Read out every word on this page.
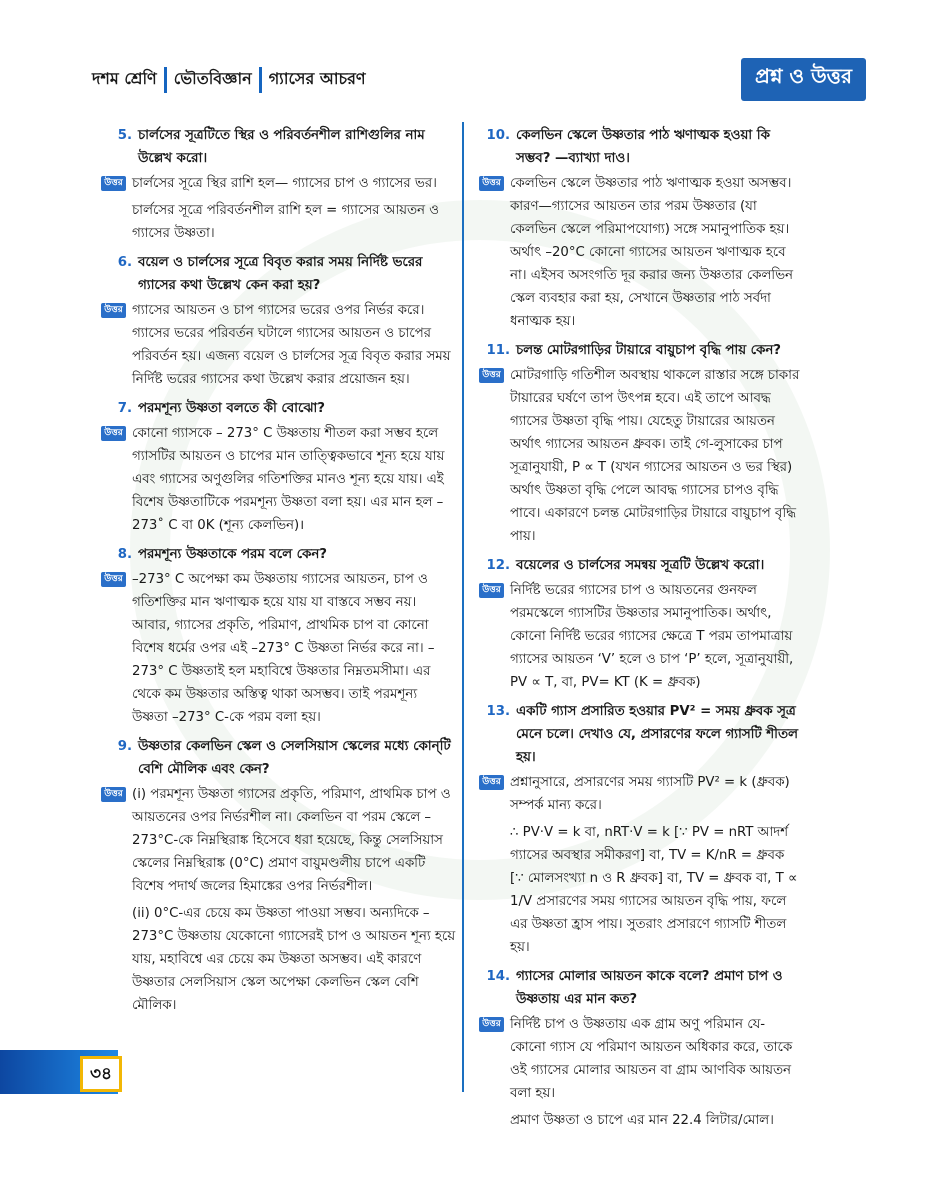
দশম শ্রেণি ভৌতবিজ্ঞান গ্যাসের আচরণ	প্রশ্ন ও উত্তর
5. চার্লসের সূত্রটিতে স্থির ও পরিবর্তনশীল রাশিগুলির নাম উল্লেখ করো।
উত্তর চার্লসের সূত্রে স্থির রাশি হল— গ্যাসের চাপ ও গ্যাসের ভর।
চার্লসের সূত্রে পরিবর্তনশীল রাশি হল = গ্যাসের আয়তন ও গ্যাসের উষ্ণতা।
6. বয়েল ও চার্লসের সূত্রে বিবৃত করার সময় নির্দিষ্ট ভরের গ্যাসের কথা উল্লেখ কেন করা হয়?
উত্তর গ্যাসের আয়তন ও চাপ গ্যাসের ভরের ওপর নির্ভর করে। গ্যাসের ভরের পরিবর্তন ঘটালে গ্যাসের আয়তন ও চাপের পরিবর্তন হয়। এজন্য বয়েল ও চার্লসের সূত্র বিবৃত করার সময় নির্দিষ্ট ভরের গ্যাসের কথা উল্লেখ করার প্রয়োজন হয়।
7. পরমশূন্য উষ্ণতা বলতে কী বোঝো?
উত্তর কোনো গ্যাসকে – 273° C উষ্ণতায় শীতল করা সম্ভব হলে গ্যাসটির আয়তন ও চাপের মান তাত্ত্বিকভাবে শূন্য হয়ে যায় এবং গ্যাসের অণুগুলির গতিশক্তির মানও শূন্য হয়ে যায়। এই বিশেষ উষ্ণতাটিকে পরমশূন্য উষ্ণতা বলা হয়। এর মান হল – 273˚ C বা 0K (শূন্য কেলভিন)।
8. পরমশূন্য উষ্ণতাকে পরম বলে কেন?
উত্তর –273° C অপেক্ষা কম উষ্ণতায় গ্যাসের আয়তন, চাপ ও গতিশক্তির মান ঋণাত্মক হয়ে যায় যা বাস্তবে সম্ভব নয়। আবার, গ্যাসের প্রকৃতি, পরিমাণ, প্রাথমিক চাপ বা কোনো বিশেষ ধর্মের ওপর এই –273° C উষ্ণতা নির্ভর করে না। –273° C উষ্ণতাই হল মহাবিশ্বে উষ্ণতার নিম্নতমসীমা। এর থেকে কম উষ্ণতার অস্তিত্ব থাকা অসম্ভব। তাই পরমশূন্য উষ্ণতা –273° C-কে পরম বলা হয়।
9. উষ্ণতার কেলভিন স্কেল ও সেলসিয়াস স্কেলের মধ্যে কোন্‌টি বেশি মৌলিক এবং কেন?
উত্তর (i) পরমশূন্য উষ্ণতা গ্যাসের প্রকৃতি, পরিমাণ, প্রাথমিক চাপ ও আয়তনের ওপর নির্ভরশীল না। কেলভিন বা পরম স্কেলে –273°C-কে নিম্নস্থিরাঙ্ক হিসেবে ধরা হয়েছে, কিন্তু সেলসিয়াস স্কেলের নিম্নস্থিরাঙ্ক (0°C) প্রমাণ বায়ুমণ্ডলীয় চাপে একটি বিশেষ পদার্থ জলের হিমাঙ্কের ওপর নির্ভরশীল।
(ii) 0°C-এর চেয়ে কম উষ্ণতা পাওয়া সম্ভব। অন্যদিকে –273°C উষ্ণতায় যেকোনো গ্যাসেরই চাপ ও আয়তন শূন্য হয়ে যায়, মহাবিশ্বে এর চেয়ে কম উষ্ণতা অসম্ভব। এই কারণে উষ্ণতার সেলসিয়াস স্কেল অপেক্ষা কেলভিন স্কেল বেশি মৌলিক।
10. কেলভিন স্কেলে উষ্ণতার পাঠ ঋণাত্মক হওয়া কি সম্ভব? —ব্যাখ্যা দাও।
উত্তর কেলভিন স্কেলে উষ্ণতার পাঠ ঋণাত্মক হওয়া অসম্ভব। কারণ—গ্যাসের আয়তন তার পরম উষ্ণতার (যা কেলভিন স্কেলে পরিমাপযোগ্য) সঙ্গে সমানুপাতিক হয়। অর্থাৎ –20°C কোনো গ্যাসের আয়তন ঋণাত্মক হবে না। এইসব অসংগতি দূর করার জন্য উষ্ণতার কেলভিন স্কেল ব্যবহার করা হয়, সেখানে উষ্ণতার পাঠ সর্বদা ধনাত্মক হয়।
11. চলন্ত মোটরগাড়ির টায়ারে বায়ুচাপ বৃদ্ধি পায় কেন?
উত্তর মোটরগাড়ি গতিশীল অবস্থায় থাকলে রাস্তার সঙ্গে চাকার টায়ারের ঘর্ষণে তাপ উৎপন্ন হবে। এই তাপে আবদ্ধ গ্যাসের উষ্ণতা বৃদ্ধি পায়। যেহেতু টায়ারের আয়তন অর্থাৎ গ্যাসের আয়তন ধ্রুবক। তাই গে-লুসাকের চাপ সূত্রানুযায়ী, P ∝ T (যখন গ্যাসের আয়তন ও ভর স্থির) অর্থাৎ উষ্ণতা বৃদ্ধি পেলে আবদ্ধ গ্যাসের চাপও বৃদ্ধি পাবে। একারণে চলন্ত মোটরগাড়ির টায়ারে বায়ুচাপ বৃদ্ধি পায়।
12. বয়েলের ও চার্লসের সমন্বয় সূত্রটি উল্লেখ করো।
উত্তর নির্দিষ্ট ভরের গ্যাসের চাপ ও আয়তনের গুনফল পরমস্কেলে গ্যাসটির উষ্ণতার সমানুপাতিক। অর্থাৎ, কোনো নির্দিষ্ট ভরের গ্যাসের ক্ষেত্রে T পরম তাপমাত্রায় গ্যাসের আয়তন ‘V’ হলে ও চাপ ‘P’ হলে, সূত্রানুযায়ী, PV ∝ T, বা, PV= KT (K = ধ্রুবক)
13. একটি গ্যাস প্রসারিত হওয়ার PV² = সময় ধ্রুবক সূত্র মেনে চলে। দেখাও যে, প্রসারণের ফলে গ্যাসটি শীতল হয়।
উত্তর প্রশ্নানুসারে, প্রসারণের সময় গ্যাসটি PV² = k (ধ্রুবক) সম্পর্ক মান্য করে।
∴ PV·V = k বা, nRT·V = k [∵ PV = nRT আদর্শ গ্যাসের অবস্থার সমীকরণ] বা, TV = K/nR = ধ্রুবক [∵ মোলসংখ্যা n ও R ধ্রুবক] বা, TV = ধ্রুবক বা, T ∝ 1/V প্রসারণের সময় গ্যাসের আয়তন বৃদ্ধি পায়, ফলে এর উষ্ণতা হ্রাস পায়। সুতরাং প্রসারণে গ্যাসটি শীতল হয়।
14. গ্যাসের মোলার আয়তন কাকে বলে? প্রমাণ চাপ ও উষ্ণতায় এর মান কত?
উত্তর নির্দিষ্ট চাপ ও উষ্ণতায় এক গ্রাম অণু পরিমান যে-কোনো গ্যাস যে পরিমাণ আয়তন অধিকার করে, তাকে ওই গ্যাসের মোলার আয়তন বা গ্রাম আণবিক আয়তন বলা হয়।
প্রমাণ উষ্ণতা ও চাপে এর মান 22.4 লিটার/মোল।
৩৪
